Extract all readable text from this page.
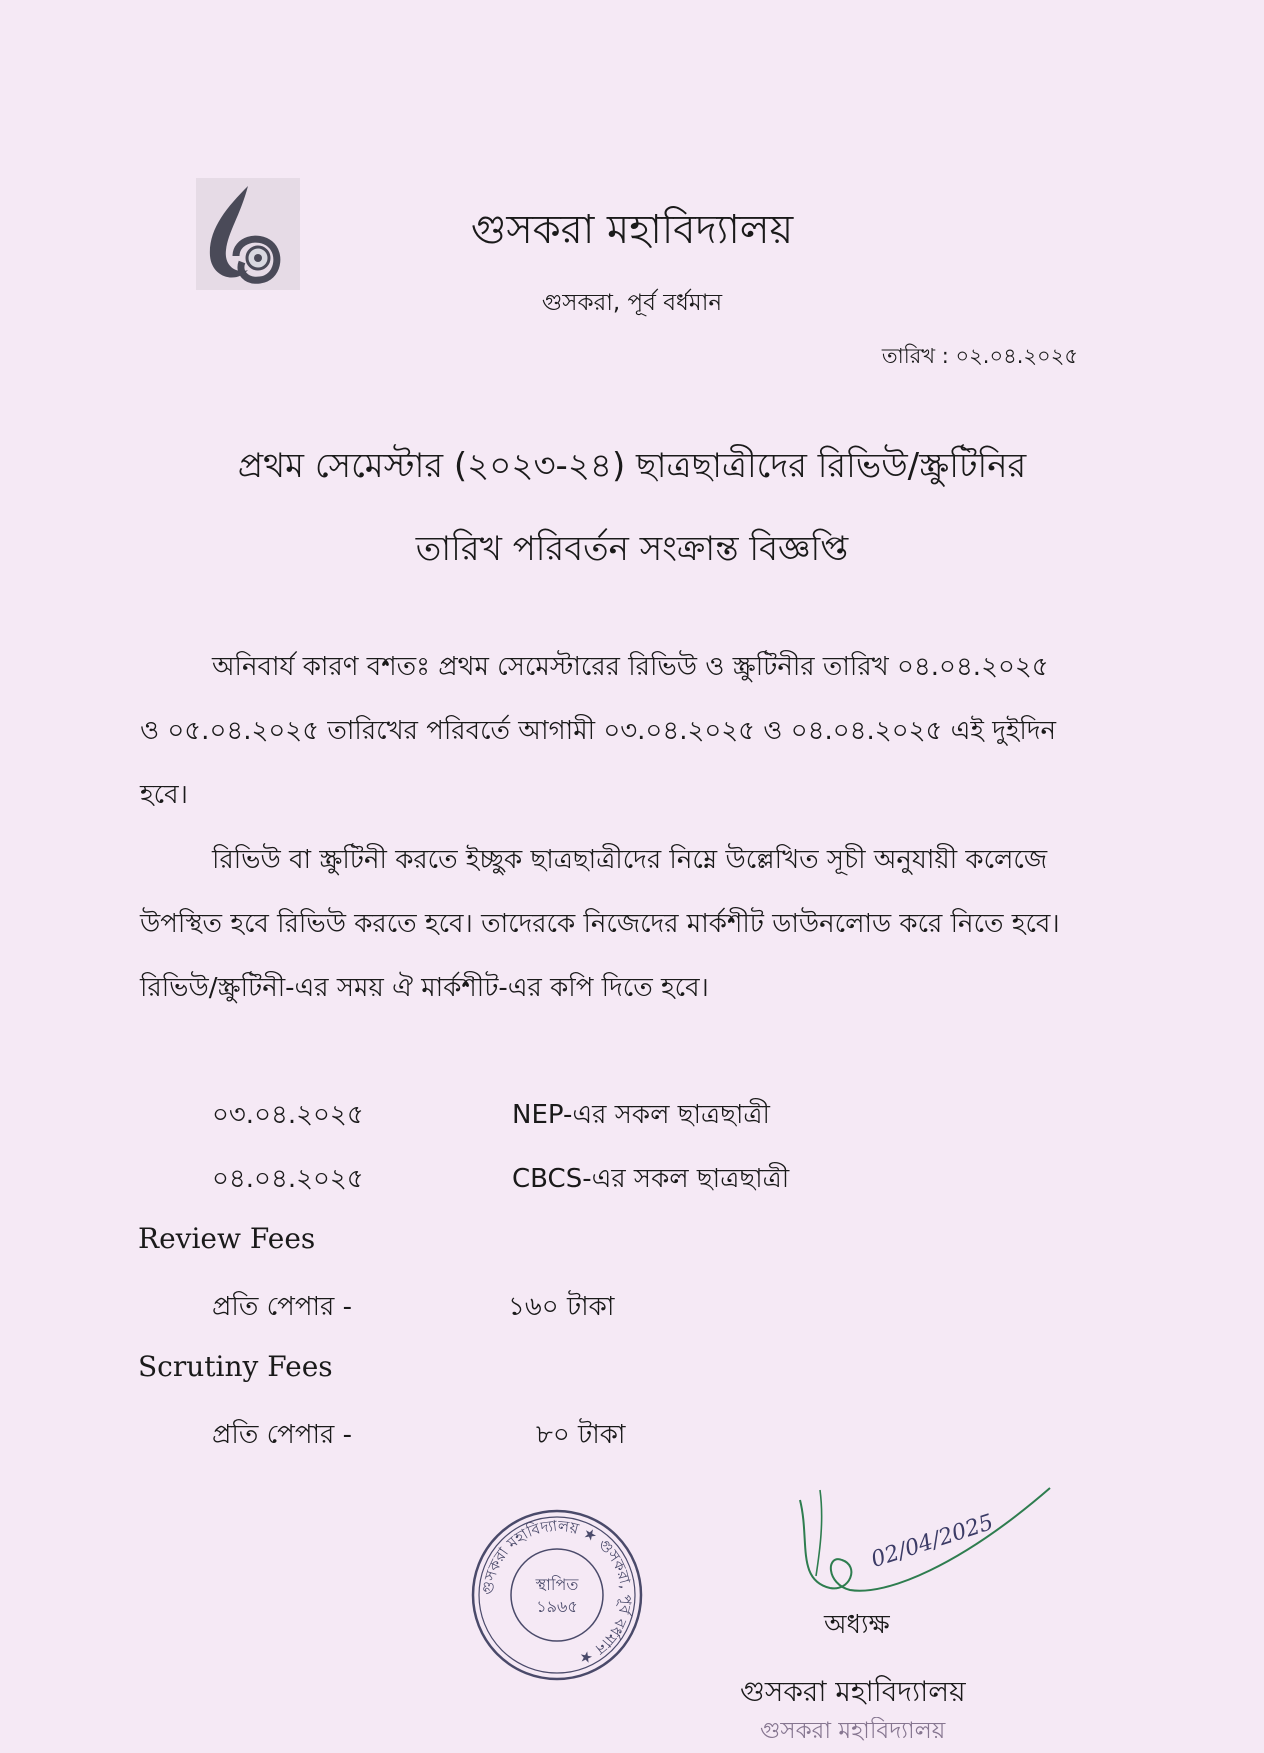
গুসকরা মহাবিদ্যালয়
গুসকরা, পূর্ব বর্ধমান
তারিখ : ০২.০৪.২০২৫
প্রথম সেমেস্টার (২০২৩-২৪) ছাত্রছাত্রীদের রিভিউ/স্ক্রুটিনির
তারিখ পরিবর্তন সংক্রান্ত বিজ্ঞপ্তি
অনিবার্য কারণ বশতঃ প্রথম সেমেস্টারের রিভিউ ও স্ক্রুটিনীর তারিখ ০৪.০৪.২০২৫ ও ০৫.০৪.২০২৫ তারিখের পরিবর্তে আগামী ০৩.০৪.২০২৫ ও ০৪.০৪.২০২৫ এই দুইদিন হবে।
রিভিউ বা স্ক্রুটিনী করতে ইচ্ছুক ছাত্রছাত্রীদের নিম্নে উল্লেখিত সূচী অনুযায়ী কলেজে উপস্থিত হবে রিভিউ করতে হবে। তাদেরকে নিজেদের মার্কশীট ডাউনলোড করে নিতে হবে। রিভিউ/স্ক্রুটিনী-এর সময় ঐ মার্কশীট-এর কপি দিতে হবে।
০৩.০৪.২০২৫	NEP-এর সকল ছাত্রছাত্রী
০৪.০৪.২০২৫	CBCS-এর সকল ছাত্রছাত্রী
Review Fees
প্রতি পেপার -	১৬০ টাকা
Scrutiny Fees
প্রতি পেপার -	৮০ টাকা
গুসকরা মহাবিদ্যালয় ★ গুসকরা, পূর্ব বর্ধমান ★
স্থাপিত
১৯৬৫
02/04/2025
অধ্যক্ষ
গুসকরা মহাবিদ্যালয়
গুসকরা মহাবিদ্যালয়
